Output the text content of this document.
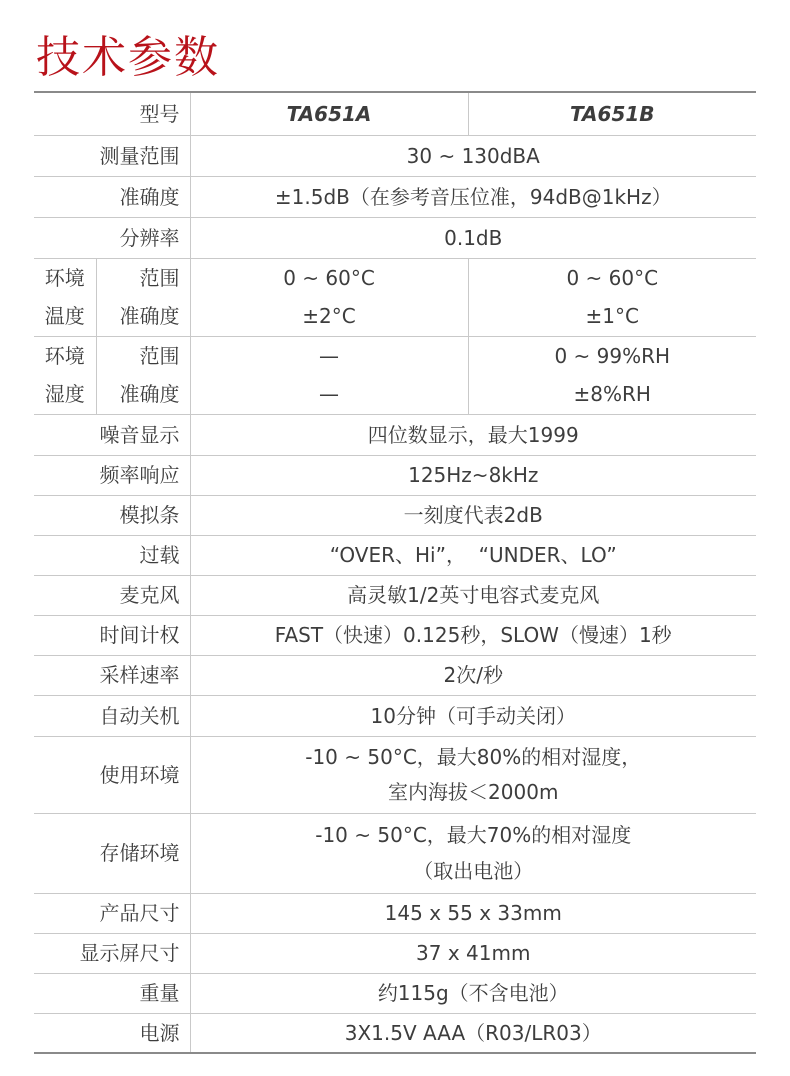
技术参数
型号		TA651A	TA651B
测量范围		30 ~ 130dBA	
准确度		±1.5dB（在参考音压位准，94dB@1kHz）	
分辨率		0.1dB	
环境	范围	0 ~ 60°C	0 ~ 60°C
温度	准确度	±2°C	±1°C
环境	范围	—	0 ~ 99%RH
湿度	准确度	—	±8%RH
噪音显示		四位数显示，最大1999	
频率响应		125Hz~8kHz	
模拟条		一刻度代表2dB	
过载		“OVER、Hi”，  “UNDER、LO”	
麦克风		高灵敏1/2英寸电容式麦克风	
时间计权		FAST（快速）0.125秒，SLOW（慢速）1秒	
采样速率		2次/秒	
自动关机		10分钟（可手动关闭）	
使用环境		-10 ~ 50°C，最大80%的相对湿度，
室内海拔＜2000m	

存储环境		-10 ~ 50°C，最大70%的相对湿度
（取出电池）	

产品尺寸		145 x 55 x 33mm	
显示屏尺寸		37 x 41mm	
重量		约115g（不含电池）	
电源		3X1.5V AAA（R03/LR03）	
